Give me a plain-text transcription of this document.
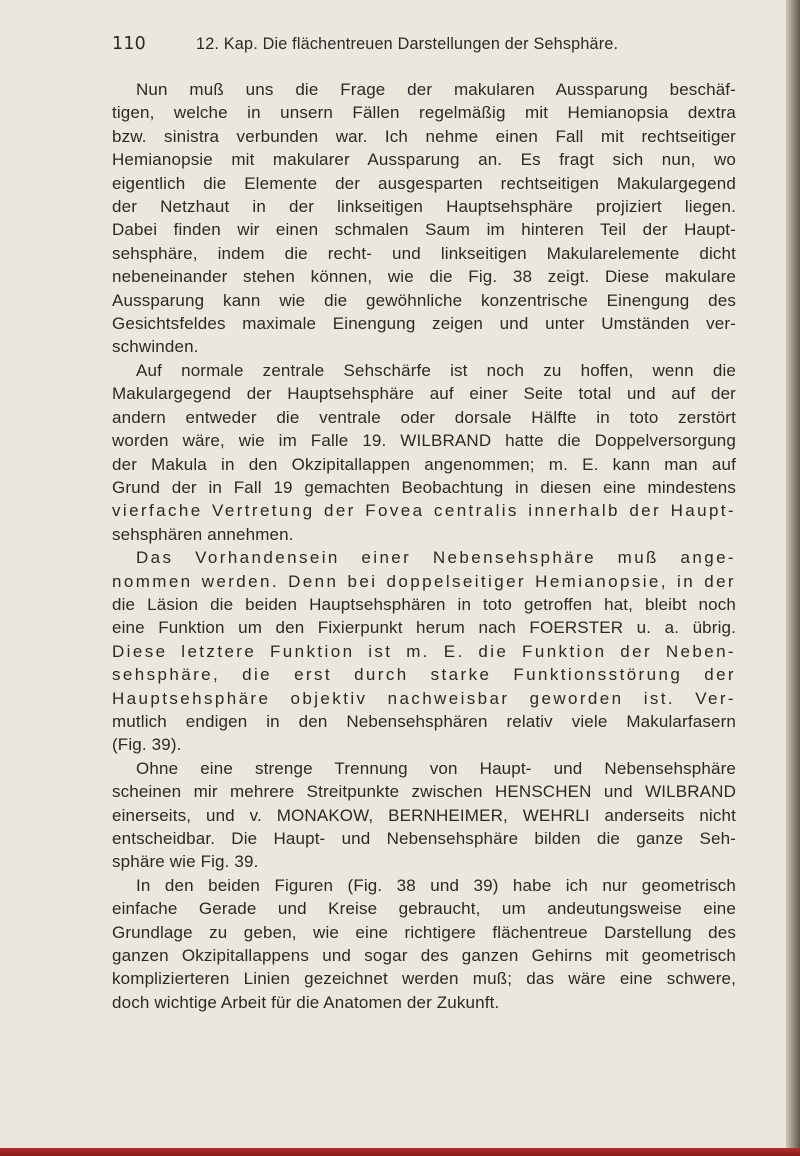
110	12. Kap. Die flächentreuen Darstellungen der Sehsphäre.

Nun muß uns die Frage der makularen Aussparung beschäf-
tigen, welche in unsern Fällen regelmäßig mit Hemianopsia dextra
bzw. sinistra verbunden war. Ich nehme einen Fall mit rechtseitiger
Hemianopsie mit makularer Aussparung an. Es fragt sich nun, wo
eigentlich die Elemente der ausgesparten rechtseitigen Makulargegend
der Netzhaut in der linkseitigen Hauptsehsphäre projiziert liegen.
Dabei finden wir einen schmalen Saum im hinteren Teil der Haupt-
sehsphäre, indem die recht- und linkseitigen Makularelemente dicht
nebeneinander stehen können, wie die Fig. 38 zeigt. Diese makulare
Aussparung kann wie die gewöhnliche konzentrische Einengung des
Gesichtsfeldes maximale Einengung zeigen und unter Umständen ver-
schwinden.

Auf normale zentrale Sehschärfe ist noch zu hoffen, wenn die
Makulargegend der Hauptsehsphäre auf einer Seite total und auf der
andern entweder die ventrale oder dorsale Hälfte in toto zerstört
worden wäre, wie im Falle 19. WILBRAND hatte die Doppelversorgung
der Makula in den Okzipitallappen angenommen; m. E. kann man auf
Grund der in Fall 19 gemachten Beobachtung in diesen eine mindestens
vierfache Vertretung der Fovea centralis innerhalb der Haupt-
sehsphären annehmen.

Das Vorhandensein einer Nebensehsphäre muß ange-
nommen werden. Denn bei doppelseitiger Hemianopsie, in der
die Läsion die beiden Hauptsehsphären in toto getroffen hat, bleibt noch
eine Funktion um den Fixierpunkt herum nach FOERSTER u. a. übrig.
Diese letztere Funktion ist m. E. die Funktion der Neben-
sehsphäre, die erst durch starke Funktionsstörung der
Hauptsehsphäre objektiv nachweisbar geworden ist. Ver-
mutlich endigen in den Nebensehsphären relativ viele Makularfasern
(Fig. 39).

Ohne eine strenge Trennung von Haupt- und Nebensehsphäre
scheinen mir mehrere Streitpunkte zwischen HENSCHEN und WILBRAND
einerseits, und v. MONAKOW, BERNHEIMER, WEHRLI anderseits nicht
entscheidbar. Die Haupt- und Nebensehsphäre bilden die ganze Seh-
sphäre wie Fig. 39.

In den beiden Figuren (Fig. 38 und 39) habe ich nur geometrisch
einfache Gerade und Kreise gebraucht, um andeutungsweise eine
Grundlage zu geben, wie eine richtigere flächentreue Darstellung des
ganzen Okzipitallappens und sogar des ganzen Gehirns mit geometrisch
komplizierteren Linien gezeichnet werden muß; das wäre eine schwere,
doch wichtige Arbeit für die Anatomen der Zukunft.
